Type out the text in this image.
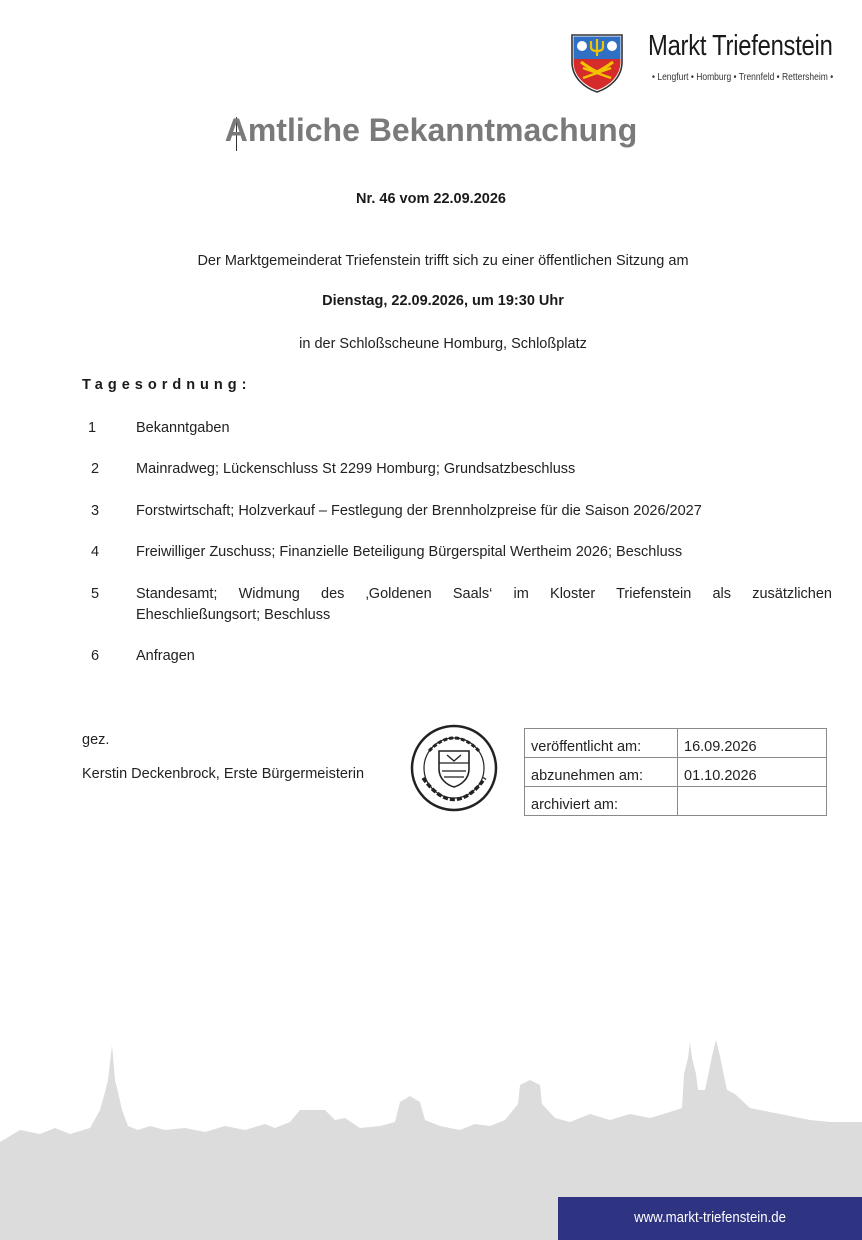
Markt Triefenstein
• Lengfurt • Homburg • Trennfeld • Rettersheim •
Amtliche Bekanntmachung
Nr. 46 vom 22.09.2026
Der Marktgemeinderat Triefenstein trifft sich zu einer öffentlichen Sitzung am
Dienstag, 22.09.2026, um 19:30 Uhr
in der Schloßscheune Homburg, Schloßplatz
Tagesordnung:
1	Bekanntgaben
2	Mainradweg; Lückenschluss St 2299 Homburg; Grundsatzbeschluss
3	Forstwirtschaft; Holzverkauf – Festlegung der Brennholzpreise für die Saison 2026/2027
4	Freiwilliger Zuschuss; Finanzielle Beteiligung Bürgerspital Wertheim 2026; Beschluss
5	Standesamt; Widmung des ‚Goldenen Saals‘ im Kloster Triefenstein als zusätzlichen
Eheschließungsort; Beschluss
6	Anfragen
gez.
Kerstin Deckenbrock, Erste Bürgermeisterin
veröffentlicht am:	16.09.2026
abzunehmen am:	01.10.2026
archiviert am:	
www.markt-triefenstein.de
